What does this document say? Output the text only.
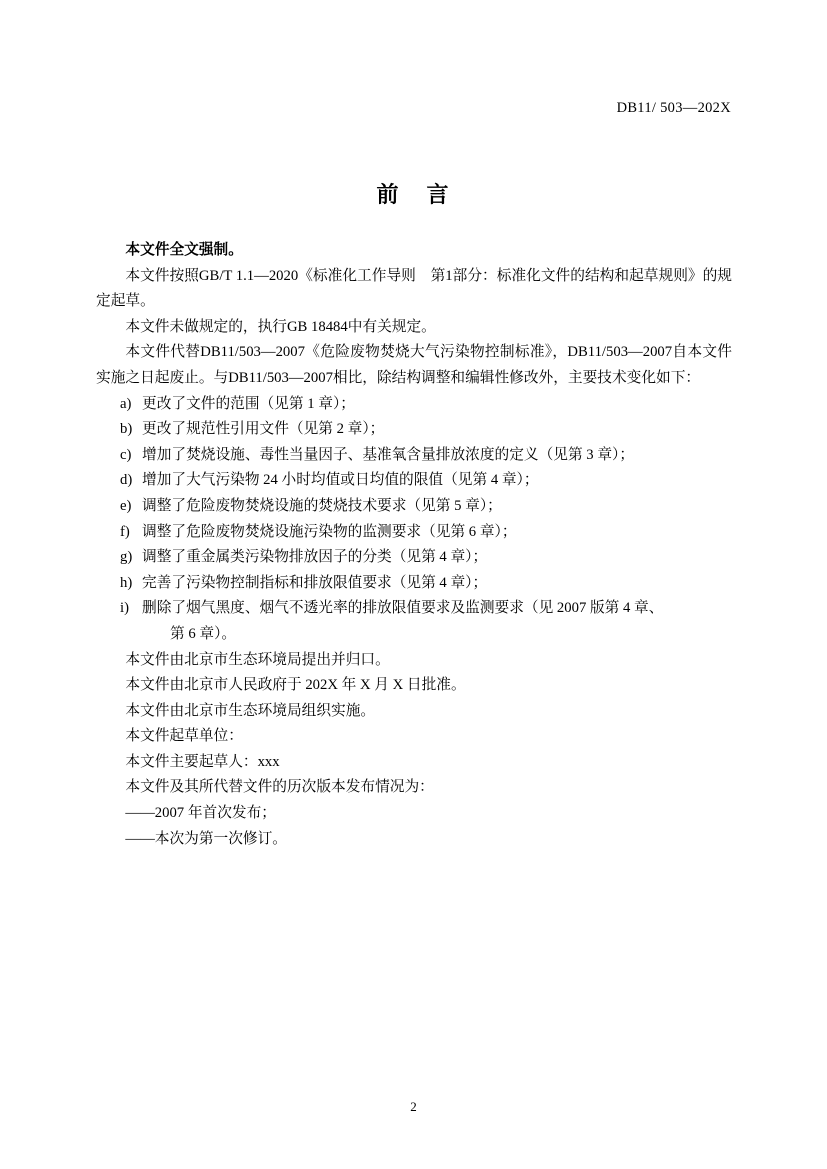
DB11/ 503—202X
前 言

本文件全文强制。

本文件按照GB/T 1.1—2020《标准化工作导则　第1部分：标准化文件的结构和起草规则》的规定起草。

本文件未做规定的，执行GB 18484中有关规定。

本文件代替DB11/503—2007《危险废物焚烧大气污染物控制标准》，DB11/503—2007自本文件实施之日起废止。与DB11/503—2007相比，除结构调整和编辑性修改外，主要技术变化如下：

a) 更改了文件的范围（见第 1 章）；
b) 更改了规范性引用文件（见第 2 章）；
c) 增加了焚烧设施、毒性当量因子、基准氧含量排放浓度的定义（见第 3 章）；
d) 增加了大气污染物 24 小时均值或日均值的限值（见第 4 章）；
e) 调整了危险废物焚烧设施的焚烧技术要求（见第 5 章）；
f) 调整了危险废物焚烧设施污染物的监测要求（见第 6 章）；
g) 调整了重金属类污染物排放因子的分类（见第 4 章）；
h) 完善了污染物控制指标和排放限值要求（见第 4 章）；
i) 删除了烟气黑度、烟气不透光率的排放限值要求及监测要求（见 2007 版第 4 章、
第 6 章）。

本文件由北京市生态环境局提出并归口。

本文件由北京市人民政府于 202X 年 X 月 X 日批准。

本文件由北京市生态环境局组织实施。

本文件起草单位：

本文件主要起草人：xxx

本文件及其所代替文件的历次版本发布情况为：

——2007 年首次发布；

——本次为第一次修订。

2
